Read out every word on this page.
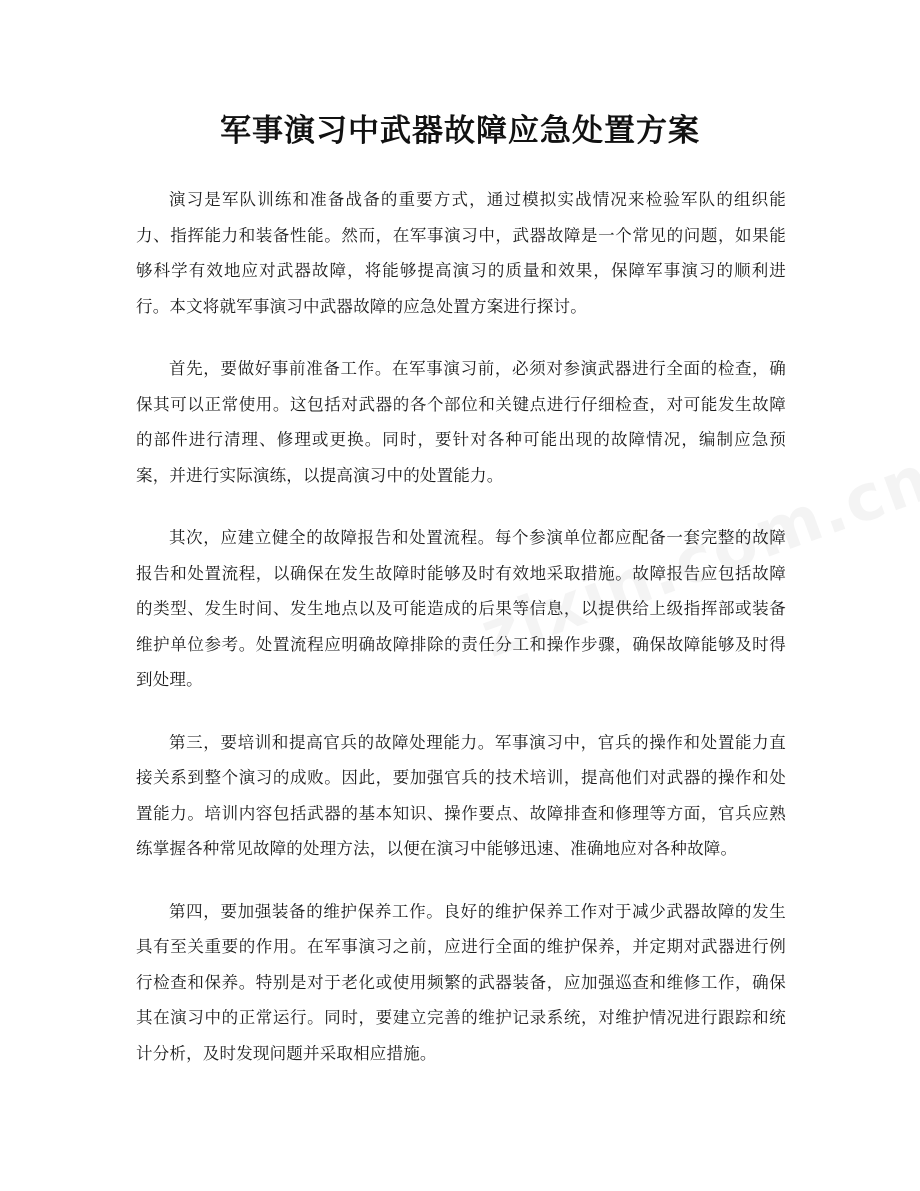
军事演习中武器故障应急处置方案

演习是军队训练和准备战备的重要方式，通过模拟实战情况来检验军队的组织能力、指挥能力和装备性能。然而，在军事演习中，武器故障是一个常见的问题，如果能够科学有效地应对武器故障，将能够提高演习的质量和效果，保障军事演习的顺利进行。本文将就军事演习中武器故障的应急处置方案进行探讨。

首先，要做好事前准备工作。在军事演习前，必须对参演武器进行全面的检查，确保其可以正常使用。这包括对武器的各个部位和关键点进行仔细检查，对可能发生故障的部件进行清理、修理或更换。同时，要针对各种可能出现的故障情况，编制应急预案，并进行实际演练，以提高演习中的处置能力。

其次，应建立健全的故障报告和处置流程。每个参演单位都应配备一套完整的故障报告和处置流程，以确保在发生故障时能够及时有效地采取措施。故障报告应包括故障的类型、发生时间、发生地点以及可能造成的后果等信息，以提供给上级指挥部或装备维护单位参考。处置流程应明确故障排除的责任分工和操作步骤，确保故障能够及时得到处理。

第三，要培训和提高官兵的故障处理能力。军事演习中，官兵的操作和处置能力直接关系到整个演习的成败。因此，要加强官兵的技术培训，提高他们对武器的操作和处置能力。培训内容包括武器的基本知识、操作要点、故障排查和修理等方面，官兵应熟练掌握各种常见故障的处理方法，以便在演习中能够迅速、准确地应对各种故障。

第四，要加强装备的维护保养工作。良好的维护保养工作对于减少武器故障的发生具有至关重要的作用。在军事演习之前，应进行全面的维护保养，并定期对武器进行例行检查和保养。特别是对于老化或使用频繁的武器装备，应加强巡查和维修工作，确保其在演习中的正常运行。同时，要建立完善的维护记录系统，对维护情况进行跟踪和统计分析，及时发现问题并采取相应措施。
